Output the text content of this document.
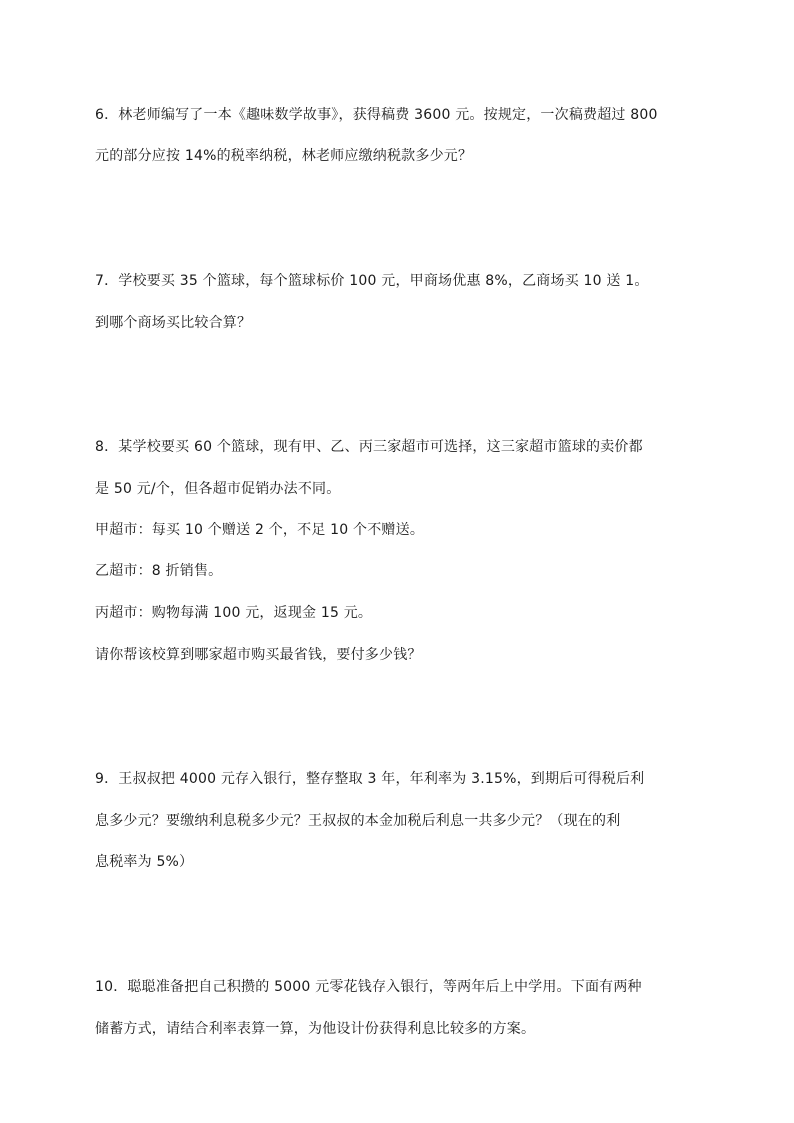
6．林老师编写了一本《趣味数学故事》，获得稿费 3600 元。按规定，一次稿费超过 800
元的部分应按 14%的税率纳税，林老师应缴纳税款多少元？
7．学校要买 35 个篮球，每个篮球标价 100 元，甲商场优惠 8%，乙商场买 10 送 1。
到哪个商场买比较合算？
8．某学校要买 60 个篮球，现有甲、乙、丙三家超市可选择，这三家超市篮球的卖价都
是 50 元/个，但各超市促销办法不同。
甲超市：每买 10 个赠送 2 个，不足 10 个不赠送。
乙超市：8 折销售。
丙超市：购物每满 100 元，返现金 15 元。
请你帮该校算到哪家超市购买最省钱，要付多少钱？
9．王叔叔把 4000 元存入银行，整存整取 3 年，年利率为 3.15%，到期后可得税后利
息多少元？要缴纳利息税多少元？王叔叔的本金加税后利息一共多少元？（现在的利
息税率为 5%）
10．聪聪准备把自己积攒的 5000 元零花钱存入银行，等两年后上中学用。下面有两种
储蓄方式，请结合利率表算一算，为他设计份获得利息比较多的方案。
